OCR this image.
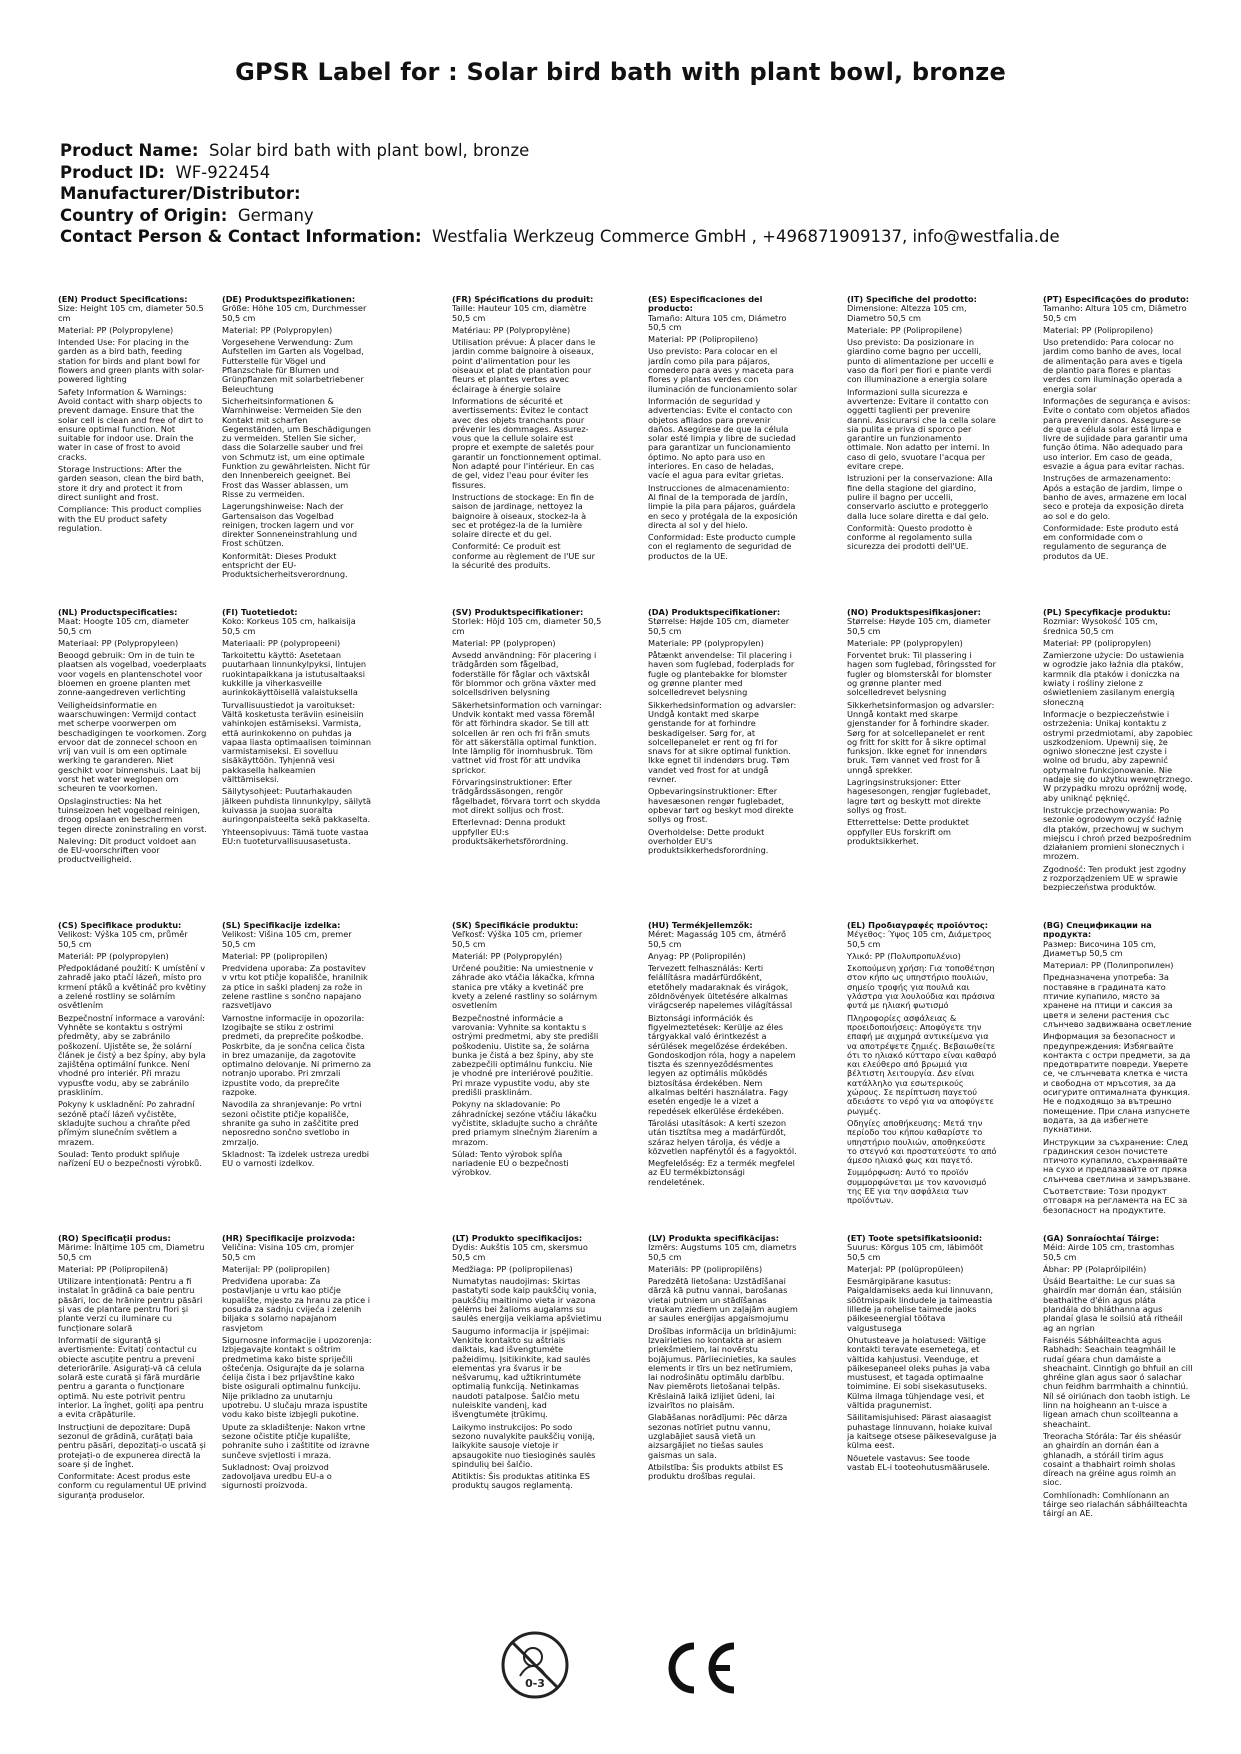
GPSR Label for : Solar bird bath with plant bowl, bronze
Product Name: Solar bird bath with plant bowl, bronze
Product ID: WF-922454
Manufacturer/Distributor:
Country of Origin: Germany
Contact Person & Contact Information: Westfalia Werkzeug Commerce GmbH , +496871909137, info@westfalia.de
(EN) Product Specifications:

Size: Height 105 cm, diameter 50.5 cm

Material: PP (Polypropylene)

Intended Use: For placing in the garden as a bird bath, feeding station for birds and plant bowl for flowers and green plants with solar-powered lighting

Safety Information & Warnings: Avoid contact with sharp objects to prevent damage. Ensure that the solar cell is clean and free of dirt to ensure optimal function. Not suitable for indoor use. Drain the water in case of frost to avoid cracks.

Storage Instructions: After the garden season, clean the bird bath, store it dry and protect it from direct sunlight and frost.

Compliance: This product complies with the EU product safety regulation.

(DE) Produktspezifikationen:

Größe: Höhe 105 cm, Durchmesser 50,5 cm

Material: PP (Polypropylen)

Vorgesehene Verwendung: Zum Aufstellen im Garten als Vogelbad, Futterstelle für Vögel und Pflanzschale für Blumen und Grünpflanzen mit solarbetriebener Beleuchtung

Sicherheitsinformationen & Warnhinweise: Vermeiden Sie den Kontakt mit scharfen Gegenständen, um Beschädigungen zu vermeiden. Stellen Sie sicher, dass die Solarzelle sauber und frei von Schmutz ist, um eine optimale Funktion zu gewährleisten. Nicht für den Innenbereich geeignet. Bei Frost das Wasser ablassen, um Risse zu vermeiden.

Lagerungshinweise: Nach der Gartensaison das Vogelbad reinigen, trocken lagern und vor direkter Sonneneinstrahlung und Frost schützen.

Konformität: Dieses Produkt entspricht der EU-Produktsicherheitsverordnung.

(FR) Spécifications du produit:

Taille: Hauteur 105 cm, diamètre 50,5 cm

Matériau: PP (Polypropylène)

Utilisation prévue: À placer dans le jardin comme baignoire à oiseaux, point d'alimentation pour les oiseaux et plat de plantation pour fleurs et plantes vertes avec éclairage à énergie solaire

Informations de sécurité et avertissements: Évitez le contact avec des objets tranchants pour prévenir les dommages. Assurez-vous que la cellule solaire est propre et exempte de saletés pour garantir un fonctionnement optimal. Non adapté pour l'intérieur. En cas de gel, videz l'eau pour éviter les fissures.

Instructions de stockage: En fin de saison de jardinage, nettoyez la baignoire à oiseaux, stockez-la à sec et protégez-la de la lumière solaire directe et du gel.

Conformité: Ce produit est conforme au règlement de l'UE sur la sécurité des produits.

(ES) Especificaciones del producto:

Tamaño: Altura 105 cm, Diámetro 50,5 cm

Material: PP (Polipropileno)

Uso previsto: Para colocar en el jardín como pila para pájaros, comedero para aves y maceta para flores y plantas verdes con iluminación de funcionamiento solar

Información de seguridad y advertencias: Evite el contacto con objetos afilados para prevenir daños. Asegúrese de que la célula solar esté limpia y libre de suciedad para garantizar un funcionamiento óptimo. No apto para uso en interiores. En caso de heladas, vacíe el agua para evitar grietas.

Instrucciones de almacenamiento: Al final de la temporada de jardín, limpie la pila para pájaros, guárdela en seco y protégala de la exposición directa al sol y del hielo.

Conformidad: Este producto cumple con el reglamento de seguridad de productos de la UE.

(IT) Specifiche del prodotto:

Dimensione: Altezza 105 cm, Diametro 50,5 cm

Materiale: PP (Polipropilene)

Uso previsto: Da posizionare in giardino come bagno per uccelli, punto di alimentazione per uccelli e vaso da fiori per fiori e piante verdi con illuminazione a energia solare

Informazioni sulla sicurezza e avvertenze: Evitare il contatto con oggetti taglienti per prevenire danni. Assicurarsi che la cella solare sia pulita e priva di sporco per garantire un funzionamento ottimale. Non adatto per interni. In caso di gelo, svuotare l'acqua per evitare crepe.

Istruzioni per la conservazione: Alla fine della stagione del giardino, pulire il bagno per uccelli, conservarlo asciutto e proteggerlo dalla luce solare diretta e dal gelo.

Conformità: Questo prodotto è conforme al regolamento sulla sicurezza dei prodotti dell'UE.

(PT) Especificações do produto:

Tamanho: Altura 105 cm, Diâmetro 50,5 cm

Material: PP (Polipropileno)

Uso pretendido: Para colocar no jardim como banho de aves, local de alimentação para aves e tigela de plantio para flores e plantas verdes com iluminação operada a energia solar

Informações de segurança e avisos: Evite o contato com objetos afiados para prevenir danos. Assegure-se de que a célula solar está limpa e livre de sujidade para garantir uma função ótima. Não adequado para uso interior. Em caso de geada, esvazie a água para evitar rachas.

Instruções de armazenamento: Após a estação de jardim, limpe o banho de aves, armazene em local seco e proteja da exposição direta ao sol e do gelo.

Conformidade: Este produto está em conformidade com o regulamento de segurança de produtos da UE.

(NL) Productspecificaties:

Maat: Hoogte 105 cm, diameter 50,5 cm

Materiaal: PP (Polypropyleen)

Beoogd gebruik: Om in de tuin te plaatsen als vogelbad, voederplaats voor vogels en plantenschotel voor bloemen en groene planten met zonne-aangedreven verlichting

Veiligheidsinformatie en waarschuwingen: Vermijd contact met scherpe voorwerpen om beschadigingen te voorkomen. Zorg ervoor dat de zonnecel schoon en vrij van vuil is om een optimale werking te garanderen. Niet geschikt voor binnenshuis. Laat bij vorst het water weglopen om scheuren te voorkomen.

Opslaginstructies: Na het tuinseizoen het vogelbad reinigen, droog opslaan en beschermen tegen directe zoninstraling en vorst.

Naleving: Dit product voldoet aan de EU-voorschriften voor productveiligheid.

(FI) Tuotetiedot:

Koko: Korkeus 105 cm, halkaisija 50,5 cm

Materiaali: PP (polypropeeni)

Tarkoitettu käyttö: Asetetaan puutarhaan linnunkylpyksi, lintujen ruokintapaikkana ja istutusaltaaksi kukkille ja viherkasveille aurinkokäyttöisellä valaistuksella

Turvallisuustiedot ja varoitukset: Vältä kosketusta teräviin esineisiin vahinkojen estämiseksi. Varmista, että aurinkokenno on puhdas ja vapaa liasta optimaalisen toiminnan varmistamiseksi. Ei sovelluu sisäkäyttöön. Tyhjennä vesi pakkasella halkeamien välttämiseksi.

Säilytysohjeet: Puutarhakauden jälkeen puhdista linnunkylpy, säilytä kuivassa ja suojaa suoralta auringonpaisteelta sekä pakkaselta.

Yhteensopivuus: Tämä tuote vastaa EU:n tuoteturvallisuusasetusta.

(SV) Produktspecifikationer:

Storlek: Höjd 105 cm, diameter 50,5 cm

Material: PP (polypropen)

Avsedd användning: För placering i trädgården som fågelbad, foderställe för fåglar och växtskål för blommor och gröna växter med solcellsdriven belysning

Säkerhetsinformation och varningar: Undvik kontakt med vassa föremål för att förhindra skador. Se till att solcellen är ren och fri från smuts för att säkerställa optimal funktion. Inte lämplig för inomhusbruk. Töm vattnet vid frost för att undvika sprickor.

Förvaringsinstruktioner: Efter trädgårdssäsongen, rengör fågelbadet, förvara torrt och skydda mot direkt solljus och frost.

Efterlevnad: Denna produkt uppfyller EU:s produktsäkerhetsförordning.

(DA) Produktspecifikationer:

Størrelse: Højde 105 cm, diameter 50,5 cm

Materiale: PP (polypropylen)

Påtænkt anvendelse: Til placering i haven som fuglebad, foderplads for fugle og plantebakke for blomster og grønne planter med solcelledrevet belysning

Sikkerhedsinformation og advarsler: Undgå kontakt med skarpe genstande for at forhindre beskadigelser. Sørg for, at solcellepanelet er rent og fri for snavs for at sikre optimal funktion. Ikke egnet til indendørs brug. Tøm vandet ved frost for at undgå revner.

Opbevaringsinstruktioner: Efter havesæsonen rengør fuglebadet, opbevar tørt og beskyt mod direkte sollys og frost.

Overholdelse: Dette produkt overholder EU's produktsikkerhedsforordning.

(NO) Produktspesifikasjoner:

Størrelse: Høyde 105 cm, diameter 50,5 cm

Materiale: PP (polypropylen)

Forventet bruk: Til plassering i hagen som fuglebad, fôringssted for fugler og blomsterskål for blomster og grønne planter med solcelledrevet belysning

Sikkerhetsinformasjon og advarsler: Unngå kontakt med skarpe gjenstander for å forhindre skader. Sørg for at solcellepanelet er rent og fritt for skitt for å sikre optimal funksjon. Ikke egnet for innendørs bruk. Tøm vannet ved frost for å unngå sprekker.

Lagringsinstruksjoner: Etter hagesesongen, rengjør fuglebadet, lagre tørt og beskytt mot direkte sollys og frost.

Etterrettelse: Dette produktet oppfyller EUs forskrift om produktsikkerhet.

(PL) Specyfikacje produktu:

Rozmiar: Wysokość 105 cm, średnica 50,5 cm

Materiał: PP (polipropylen)

Zamierzone użycie: Do ustawienia w ogrodzie jako łaźnia dla ptaków, karmnik dla ptaków i doniczka na kwiaty i rośliny zielone z oświetleniem zasilanym energią słoneczną

Informacje o bezpieczeństwie i ostrzeżenia: Unikaj kontaktu z ostrymi przedmiotami, aby zapobiec uszkodzeniom. Upewnij się, że ogniwo słoneczne jest czyste i wolne od brudu, aby zapewnić optymalne funkcjonowanie. Nie nadaje się do użytku wewnętrznego. W przypadku mrozu opróżnij wodę, aby uniknąć pęknięć.

Instrukcje przechowywania: Po sezonie ogrodowym oczyść łaźnię dla ptaków, przechowuj w suchym miejscu i chroń przed bezpośrednim działaniem promieni słonecznych i mrozem.

Zgodność: Ten produkt jest zgodny z rozporządzeniem UE w sprawie bezpieczeństwa produktów.

(CS) Specifikace produktu:

Velikost: Výška 105 cm, průměr 50,5 cm

Materiál: PP (polypropylen)

Předpokládané použití: K umístění v zahradě jako ptačí lázeň, místo pro krmení ptáků a květináč pro květiny a zelené rostliny se solárním osvětlením

Bezpečnostní informace a varování: Vyhněte se kontaktu s ostrými předměty, aby se zabránilo poškození. Ujistěte se, že solární článek je čistý a bez špíny, aby byla zajištěna optimální funkce. Není vhodné pro interiér. Při mrazu vypusťte vodu, aby se zabránilo praskliním.

Pokyny k uskladnění: Po zahradní sezóně ptačí lázeň vyčistěte, skladujte suchou a chraňte před přímým slunečním světlem a mrazem.

Soulad: Tento produkt splňuje nařízení EU o bezpečnosti výrobků.

(SL) Specifikacije izdelka:

Velikost: Višina 105 cm, premer 50,5 cm

Material: PP (polipropilen)

Predvidena uporaba: Za postavitev v vrtu kot ptičje kopališče, hranilnik za ptice in saški pladenj za rože in zelene rastline s sončno napajano razsvetljavo

Varnostne informacije in opozorila: Izogibajte se stiku z ostrimi predmeti, da preprečite poškodbe. Poskrbite, da je sončna celica čista in brez umazanije, da zagotovite optimalno delovanje. Ni primerno za notranjo uporabo. Pri zmrzali izpustite vodo, da preprečite razpoke.

Navodila za shranjevanje: Po vrtni sezoni očistite ptičje kopališče, shranite ga suho in zaščitite pred neposredno sončno svetlobo in zmrzaljo.

Skladnost: Ta izdelek ustreza uredbi EU o varnosti izdelkov.

(SK) Špecifikácie produktu:

Veľkosť: Výška 105 cm, priemer 50,5 cm

Materiál: PP (Polypropylén)

Určené použitie: Na umiestnenie v záhrade ako vtáčia lákačka, kŕmna stanica pre vtáky a kvetináč pre kvety a zelené rastliny so solárnym osvetlením

Bezpečnostné informácie a varovania: Vyhnite sa kontaktu s ostrými predmetmi, aby ste predišli poškodeniu. Uistite sa, že solárna bunka je čistá a bez špiny, aby ste zabezpečili optimálnu funkciu. Nie je vhodné pre interiérové použitie. Pri mraze vypustite vodu, aby ste predišli prasklinám.

Pokyny na skladovanie: Po záhradníckej sezóne vtáčiu lákačku vyčistite, skladujte sucho a chráňte pred priamym slnečným žiarením a mrazom.

Súlad: Tento výrobok spĺňa nariadenie EÚ o bezpečnosti výrobkov.

(HU) Termékjellemzők:

Méret: Magasság 105 cm, átmérő 50,5 cm

Anyag: PP (Polipropilén)

Tervezett felhasználás: Kerti felállításra madárfürdőként, etetőhely madaraknak és virágok, zöldnövények ültetésére alkalmas virágcserép napelemes világítással

Biztonsági információk és figyelmeztetések: Kerülje az éles tárgyakkal való érintkezést a sérülések megelőzése érdekében. Gondoskodjon róla, hogy a napelem tiszta és szennyeződésmentes legyen az optimális működés biztosítása érdekében. Nem alkalmas beltéri használatra. Fagy esetén engedje le a vizet a repedések elkerülése érdekében.

Tárolási utasítások: A kerti szezon után tisztítsa meg a madárfürdőt, száraz helyen tárolja, és védje a közvetlen napfénytől és a fagyoktól.

Megfelelőség: Ez a termék megfelel az EU termékbiztonsági rendeletének.

(EL) Προδιαγραφές προϊόντος:

Μέγεθος: Ύψος 105 cm, Διάμετρος 50,5 cm

Υλικό: PP (Πολυπροπυλένιο)

Σκοπούμενη χρήση: Για τοποθέτηση στον κήπο ως υπηστήριο πουλιών, σημείο τροφής για πουλιά και γλάστρα για λουλούδια και πράσινα φυτά με ηλιακή φωτισμό

Πληροφορίες ασφάλειας & προειδοποιήσεις: Αποφύγετε την επαφή με αιχμηρά αντικείμενα για να αποτρέψετε ζημιές. Βεβαιωθείτε ότι το ηλιακό κύτταρο είναι καθαρό και ελεύθερο από βρωμιά για βέλτιστη λειτουργία. Δεν είναι κατάλληλο για εσωτερικούς χώρους. Σε περίπτωση παγετού αδειάστε το νερό για να αποφύγετε ρωγμές.

Οδηγίες αποθήκευσης: Μετά την περίοδο του κήπου καθαρίστε το υπηστήριο πουλιών, αποθηκεύστε το στεγνό και προστατεύστε το από άμεσο ηλιακό φως και παγετό.

Συμμόρφωση: Αυτό το προϊόν συμμορφώνεται με τον κανονισμό της ΕΕ για την ασφάλεια των προϊόντων.

(BG) Спецификации на продукта:

Размер: Височина 105 cm, Диаметър 50,5 cm

Материал: PP (Полипропилен)

Предназначена употреба: За поставяне в градината като птичие купапило, място за хранене на птици и саксия за цветя и зелени растения със слънчево задвижвана осветление

Информация за безопасност и предупреждения: Избягвайте контакта с остри предмети, за да предотвратите повреди. Уверете се, че слънчевата клетка е чиста и свободна от мръсотия, за да осигурите оптималната функция. Не е подходящо за вътрешно помещение. При слана изпуснете водата, за да избегнете пукнатини.

Инструкции за съхранение: След градинския сезон почистете птичото купапило, съхранявайте на сухо и предпазвайте от пряка слънчева светлина и замръзване.

Съответствие: Този продукт отговаря на регламента на ЕС за безопасност на продуктите.

(RO) Specificații produs:

Mărime: Înălțime 105 cm, Diametru 50,5 cm

Material: PP (Polipropilenă)

Utilizare intenționată: Pentru a fi instalat în grădină ca baie pentru păsări, loc de hrănire pentru păsări și vas de plantare pentru flori și plante verzi cu iluminare cu funcționare solară

Informații de siguranță și avertismente: Evitați contactul cu obiecte ascuțite pentru a preveni deteriorările. Asigurați-vă că celula solară este curată și fără murdărie pentru a garanta o funcționare optimă. Nu este potrivit pentru interior. La înghet, goliți apa pentru a evita crăpăturile.

Instrucțiuni de depozitare: După sezonul de grădină, curățați baia pentru păsări, depozitați-o uscată și protejați-o de expunerea directă la soare și de înghet.

Conformitate: Acest produs este conform cu regulamentul UE privind siguranța produselor.

(HR) Specifikacije proizvoda:

Veličina: Visina 105 cm, promjer 50,5 cm

Materijal: PP (polipropilen)

Predviđena uporaba: Za postavljanje u vrtu kao ptičje kupalište, mjesto za hranu za ptice i posuda za sadnju cvijeća i zelenih biljaka s solarno napajanom rasvjetom

Sigurnosne informacije i upozorenja: Izbjegavajte kontakt s oštrim predmetima kako biste spriječili oštećenja. Osigurajte da je solarna ćelija čista i bez prljavštine kako biste osigurali optimalnu funkciju. Nije prikladno za unutarnju upotrebu. U slučaju mraza ispustite vodu kako biste izbjegli pukotine.

Upute za skladištenje: Nakon vrtne sezone očistite ptičje kupalište, pohranite suho i zaštitite od izravne sunčeve svjetlosti i mraza.

Sukladnost: Ovaj proizvod zadovoljava uredbu EU-a o sigurnosti proizvoda.

(LT) Produkto specifikacijos:

Dydis: Aukštis 105 cm, skersmuo 50,5 cm

Medžiaga: PP (polipropilenas)

Numatytas naudojimas: Skirtas pastatyti sode kaip paukščių vonia, paukščių maitinimo vieta ir vazona gėlėms bei žalioms augalams su saulės energija veikiama apšvietimu

Saugumo informacija ir įspėjimai: Venkite kontakto su aštriais daiktais, kad išvengtumėte pažeidimų. Įsitikinkite, kad saulės elementas yra švarus ir be nešvarumų, kad užtikrintumėte optimalią funkciją. Netinkamas naudoti patalpose. Šalčio metu nuleiskite vandenį, kad išvengtumėte įtrūkimų.

Laikymo instrukcijos: Po sodo sezono nuvalykite paukščių voniją, laikykite sausoje vietoje ir apsaugokite nuo tiesioginės saulės spindulių bei šalčio.

Atitiktis: Šis produktas atitinka ES produktų saugos reglamentą.

(LV) Produkta specifikācijas:

Izmērs: Augstums 105 cm, diametrs 50,5 cm

Materiāls: PP (polipropilēns)

Paredzētā lietošana: Uzstādīšanai dārzā kā putnu vannai, barošanas vietai putniem un stādīšanas traukam ziediem un zaļajām augiem ar saules enerģijas apgaismojumu

Drošības informācija un brīdinājumi: Izvairieties no kontakta ar asiem priekšmetiem, lai novērstu bojājumus. Pārliecinieties, ka saules elements ir tīrs un bez netīrumiem, lai nodrošinātu optimālu darbību. Nav piemērots lietošanai telpās. Krēslainā laikā izlijiet ūdeni, lai izvairītos no plaisām.

Glabāšanas norādījumi: Pēc dārza sezonas notīriet putnu vannu, uzglabājiet sausā vietā un aizsargājiet no tiešas saules gaismas un sala.

Atbilstība: Šis produkts atbilst ES produktu drošības regulai.

(ET) Toote spetsifikatsioonid:

Suurus: Kõrgus 105 cm, läbimõõt 50,5 cm

Materjal: PP (polüpropüleen)

Eesmärgipärane kasutus: Paigaldamiseks aeda kui linnuvann, söötmispaik lindudele ja taimeastia lillede ja rohelise taimede jaoks päikeseenergial töötava valgustusega

Ohutusteave ja hoiatused: Vältige kontakti teravate esemetega, et vältida kahjustusi. Veenduge, et päikesepaneel oleks puhas ja vaba mustusest, et tagada optimaalne toimimine. Ei sobi sisekasutuseks. Külma ilmaga tühjendage vesi, et vältida pragunemist.

Säilitamisjuhised: Pärast aiasaagist puhastage linnuvann, hoiake kuival ja kaitsege otsese päikesevalguse ja külma eest.

Nõuetele vastavus: See toode vastab EL-i tooteohutusmäärusele.

(GA) Sonraíochtaí Táirge:

Méid: Airde 105 cm, trastomhas 50,5 cm

Ábhar: PP (Polapróipiléin)

Úsáid Beartaithe: Le cur suas sa ghairdín mar dornán éan, stáisiún beathaithe d'éin agus pláta plandála do bhláthanna agus plandaí glasa le soilsiú atá ritheáil ag an ngrian

Faisnéis Sábháilteachta agus Rabhadh: Seachain teagmháil le rudaí géara chun damáiste a sheachaint. Cinntigh go bhfuil an cill ghréine glan agus saor ó salachar chun feidhm barrmhaith a chinntiú. Níl sé oiriúnach don taobh istigh. Le linn na hoigheann an t-uisce a ligean amach chun scoilteanna a sheachaint.

Treoracha Stórála: Tar éis shéasúr an ghairdín an dornán éan a ghlanadh, a stóráil tirim agus cosaint a thabhairt roimh sholas díreach na gréine agus roimh an sioc.

Comhlíonadh: Comhlíonann an táirge seo rialachán sábháilteachta táirgí an AE.

0-3
